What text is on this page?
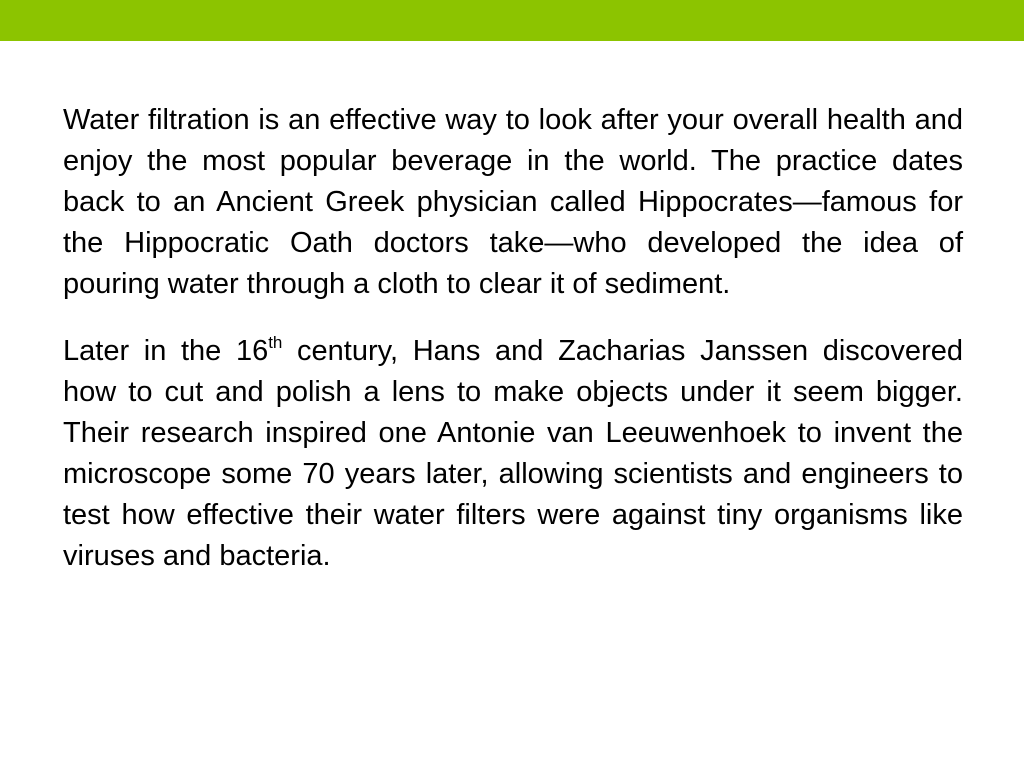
Water filtration is an effective way to look after your overall health and enjoy the most popular beverage in the world. The practice dates back to an Ancient Greek physician called Hippocrates—famous for the Hippocratic Oath doctors take—who developed the idea of pouring water through a cloth to clear it of sediment.

Later in the 16th century, Hans and Zacharias Janssen discovered how to cut and polish a lens to make objects under it seem bigger. Their research inspired one Antonie van Leeuwenhoek to invent the microscope some 70 years later, allowing scientists and engineers to test how effective their water filters were against tiny organisms like viruses and bacteria.
